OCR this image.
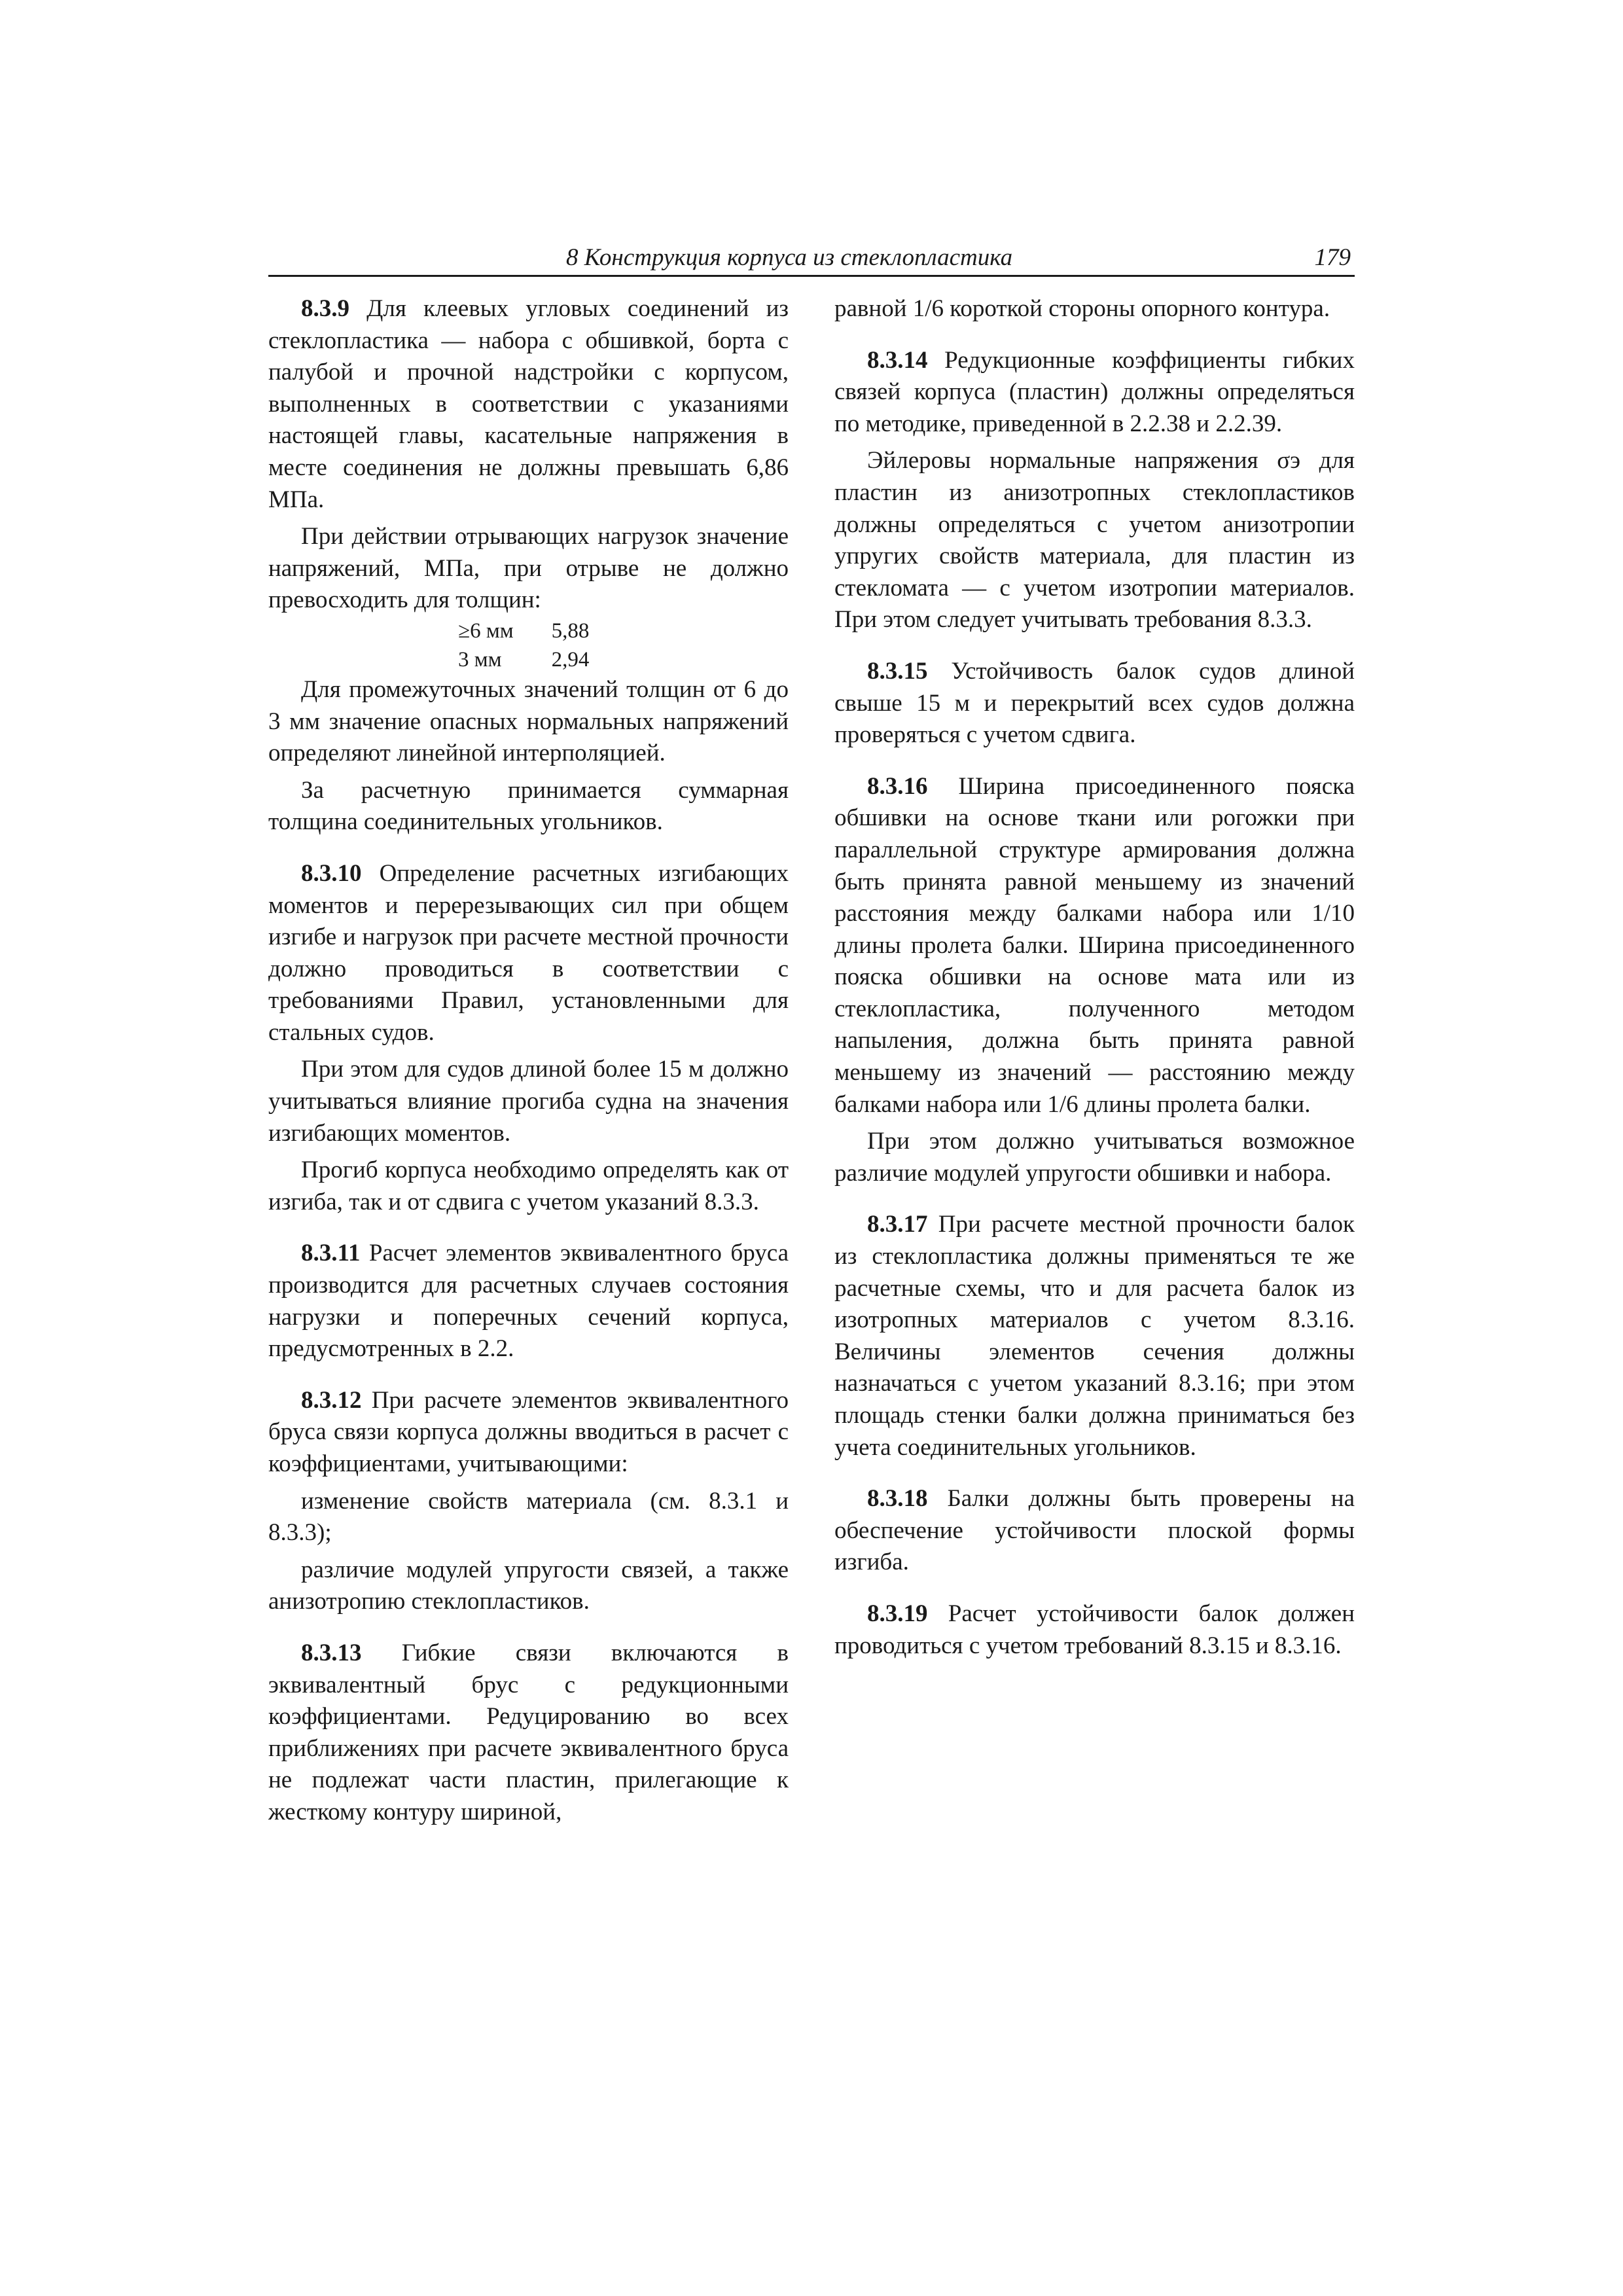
8 Конструкция корпуса из стеклопластика	179

8.3.9 Для клеевых угловых соединений из стеклопластика — набора с обшивкой, борта с палубой и прочной надстройки с корпусом, выполненных в соответствии с указаниями настоящей главы, касательные напряжения в месте соединения не должны превышать 6,86 МПа.

При действии отрывающих нагрузок значение напряжений, МПа, при отрыве не должно превосходить для толщин:

≥6 мм	5,88
3 мм	2,94

Для промежуточных значений толщин от 6 до 3 мм значение опасных нормальных напряжений определяют линейной интерполяцией.

За расчетную принимается суммарная толщина соединительных угольников.

8.3.10 Определение расчетных изгибающих моментов и перерезывающих сил при общем изгибе и нагрузок при расчете местной прочности должно проводиться в соответствии с требованиями Правил, установленными для стальных судов.

При этом для судов длиной более 15 м должно учитываться влияние прогиба судна на значения изгибающих моментов.

Прогиб корпуса необходимо определять как от изгиба, так и от сдвига с учетом указаний 8.3.3.

8.3.11 Расчет элементов эквивалентного бруса производится для расчетных случаев состояния нагрузки и поперечных сечений корпуса, предусмотренных в 2.2.

8.3.12 При расчете элементов эквивалентного бруса связи корпуса должны вводиться в расчет с коэффициентами, учитывающими:

изменение свойств материала (см. 8.3.1 и 8.3.3);

различие модулей упругости связей, а также анизотропию стеклопластиков.

8.3.13 Гибкие связи включаются в эквивалентный брус с редукционными коэффициентами. Редуцированию во всех приближениях при расчете эквивалентного бруса не подлежат части пластин, прилегающие к жесткому контуру шириной,

равной 1/6 короткой стороны опорного контура.

8.3.14 Редукционные коэффициенты гибких связей корпуса (пластин) должны определяться по методике, приведенной в 2.2.38 и 2.2.39.

Эйлеровы нормальные напряжения σэ для пластин из анизотропных стеклопластиков должны определяться с учетом анизотропии упругих свойств материала, для пластин из стекломата — с учетом изотропии материалов. При этом следует учитывать требования 8.3.3.

8.3.15 Устойчивость балок судов длиной свыше 15 м и перекрытий всех судов должна проверяться с учетом сдвига.

8.3.16 Ширина присоединенного пояска обшивки на основе ткани или рогожки при параллельной структуре армирования должна быть принята равной меньшему из значений расстояния между балками набора или 1/10 длины пролета балки. Ширина присоединенного пояска обшивки на основе мата или из стеклопластика, полученного методом напыления, должна быть принята равной меньшему из значений — расстоянию между балками набора или 1/6 длины пролета балки.

При этом должно учитываться возможное различие модулей упругости обшивки и набора.

8.3.17 При расчете местной прочности балок из стеклопластика должны применяться те же расчетные схемы, что и для расчета балок из изотропных материалов с учетом 8.3.16. Величины элементов сечения должны назначаться с учетом указаний 8.3.16; при этом площадь стенки балки должна приниматься без учета соединительных угольников.

8.3.18 Балки должны быть проверены на обеспечение устойчивости плоской формы изгиба.

8.3.19 Расчет устойчивости балок должен проводиться с учетом требований 8.3.15 и 8.3.16.
